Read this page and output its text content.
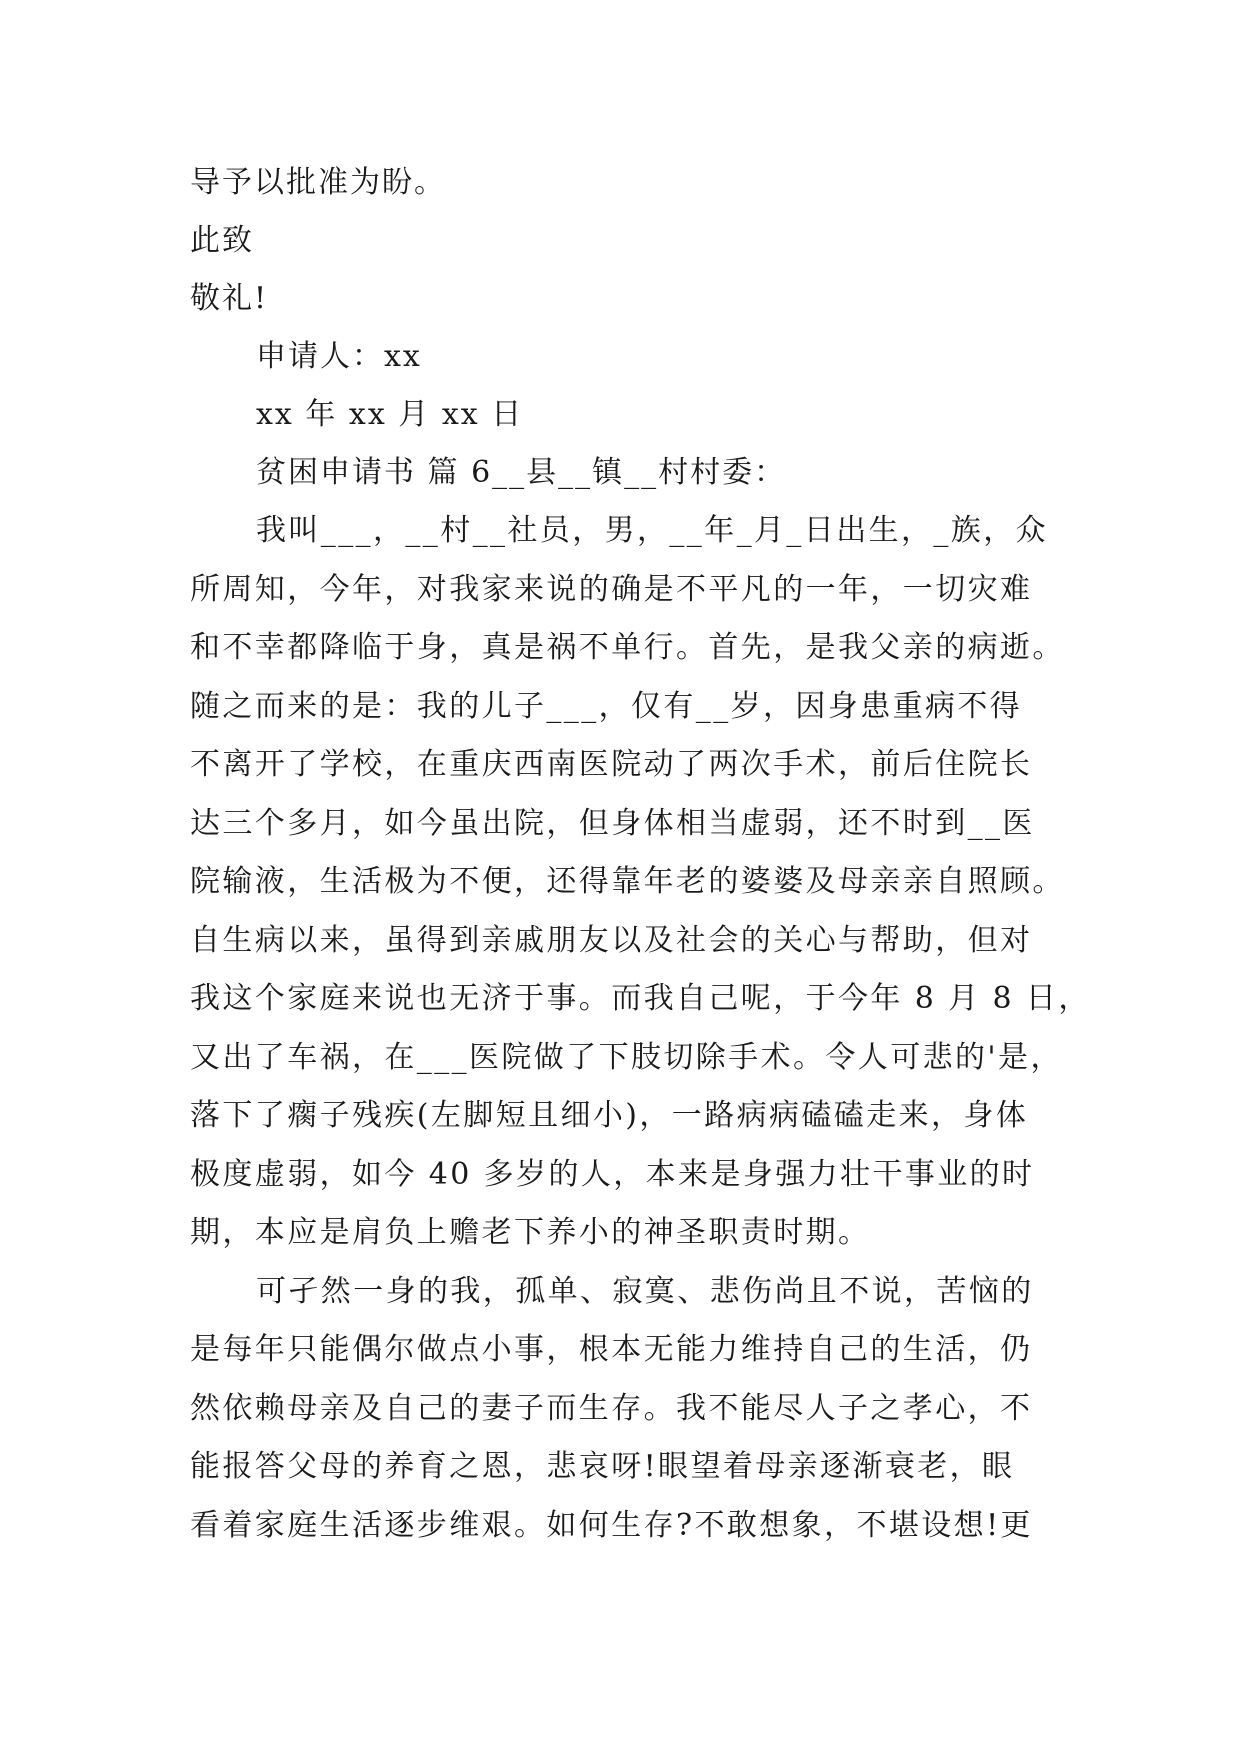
导予以批准为盼。
此致
敬礼!
申请人：xx
xx 年 xx 月 xx 日
贫困申请书 篇 6__县__镇__村村委：
我叫___，__村__社员，男，__年_月_日出生，_族，众
所周知，今年，对我家来说的确是不平凡的一年，一切灾难
和不幸都降临于身，真是祸不单行。首先，是我父亲的病逝。
随之而来的是：我的儿子___，仅有__岁，因身患重病不得
不离开了学校，在重庆西南医院动了两次手术，前后住院长
达三个多月，如今虽出院，但身体相当虚弱，还不时到__医
院输液，生活极为不便，还得靠年老的婆婆及母亲亲自照顾。
自生病以来，虽得到亲戚朋友以及社会的关心与帮助，但对
我这个家庭来说也无济于事。而我自己呢，于今年 8 月 8 日，
又出了车祸，在___医院做了下肢切除手术。令人可悲的'是，
落下了瘸子残疾(左脚短且细小)，一路病病磕磕走来，身体
极度虚弱，如今 40 多岁的人，本来是身强力壮干事业的时
期，本应是肩负上赡老下养小的神圣职责时期。
可孑然一身的我，孤单、寂寞、悲伤尚且不说，苦恼的
是每年只能偶尔做点小事，根本无能力维持自己的生活，仍
然依赖母亲及自己的妻子而生存。我不能尽人子之孝心，不
能报答父母的养育之恩，悲哀呀!眼望着母亲逐渐衰老，眼
看着家庭生活逐步维艰。如何生存?不敢想象，不堪设想!更
